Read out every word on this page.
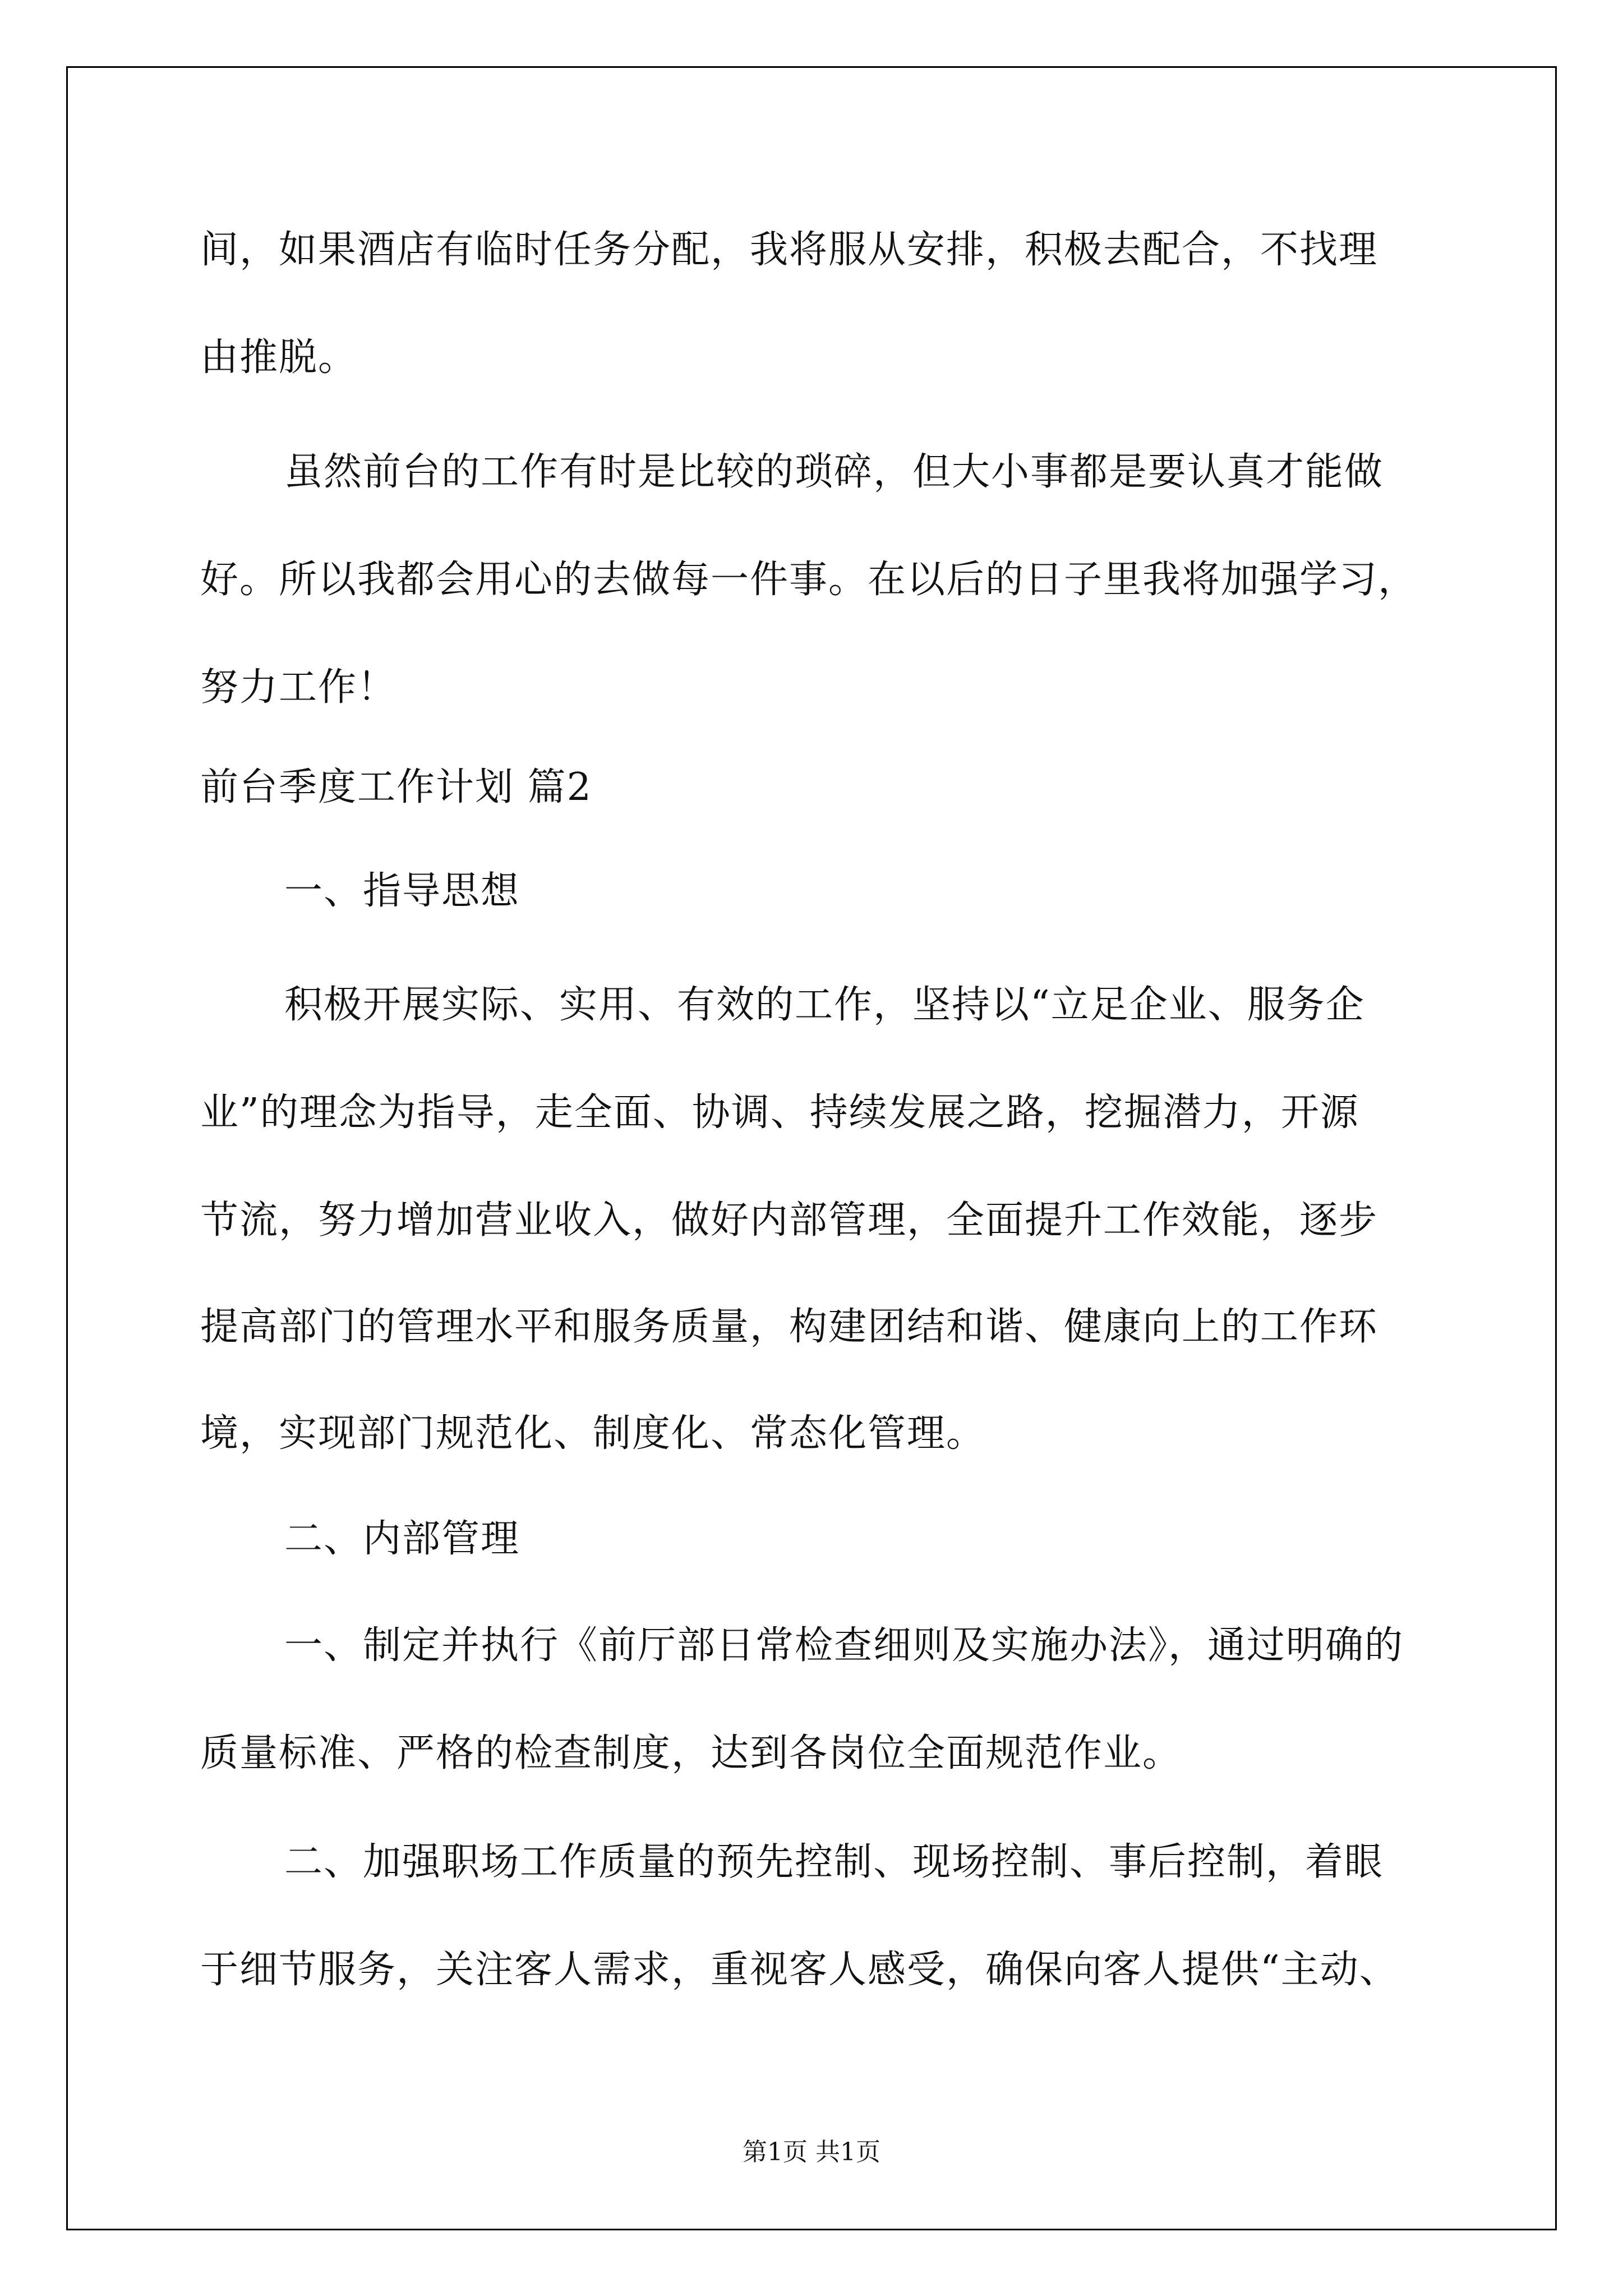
间，如果酒店有临时任务分配，我将服从安排，积极去配合，不找理
由推脱。
虽然前台的工作有时是比较的琐碎，但大小事都是要认真才能做
好。所以我都会用心的去做每一件事。在以后的日子里我将加强学习，
努力工作！
前台季度工作计划 篇2
一、指导思想
积极开展实际、实用、有效的工作，坚持以“立足企业、服务企
业”的理念为指导，走全面、协调、持续发展之路，挖掘潜力，开源
节流，努力增加营业收入，做好内部管理，全面提升工作效能，逐步
提高部门的管理水平和服务质量，构建团结和谐、健康向上的工作环
境，实现部门规范化、制度化、常态化管理。
二、内部管理
一、制定并执行《前厅部日常检查细则及实施办法》，通过明确的
质量标准、严格的检查制度，达到各岗位全面规范作业。
二、加强职场工作质量的预先控制、现场控制、事后控制，着眼
于细节服务，关注客人需求，重视客人感受，确保向客人提供“主动、
第1页 共1页
